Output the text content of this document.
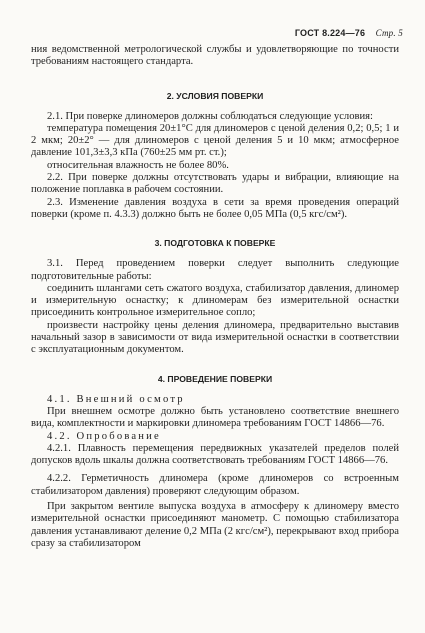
ГОСТ 8.224—76 Стр. 5

ния ведомственной метрологической службы и удовлетворяющие по точности требованиям настоящего стандарта.

2. УСЛОВИЯ ПОВЕРКИ

2.1. При поверке длиномеров должны соблюдаться следующие условия:

температура помещения 20±1°С для длиномеров с ценой деления 0,2; 0,5; 1 и 2 мкм; 20±2° — для длиномеров с ценой деления 5 и 10 мкм; атмосферное давление 101,3±3,3 кПа (760±25 мм рт. ст.);

относительная влажность не более 80%.

2.2. При поверке должны отсутствовать удары и вибрации, влияющие на положение поплавка в рабочем состоянии.

2.3. Изменение давления воздуха в сети за время проведения операций поверки (кроме п. 4.3.3) должно быть не более 0,05 МПа (0,5 кгс/см²).

3. ПОДГОТОВКА К ПОВЕРКЕ

3.1. Перед проведением поверки следует выполнить следующие подготовительные работы:

соединить шлангами сеть сжатого воздуха, стабилизатор давления, длиномер и измерительную оснастку; к длиномерам без измерительной оснастки присоединить контрольное измерительное сопло;

произвести настройку цены деления длиномера, предварительно выставив начальный зазор в зависимости от вида измерительной оснастки в соответствии с эксплуатационным документом.

4. ПРОВЕДЕНИЕ ПОВЕРКИ

4.1. Внешний осмотр

При внешнем осмотре должно быть установлено соответствие внешнего вида, комплектности и маркировки длиномера требованиям ГОСТ 14866—76.

4.2. Опробование

4.2.1. Плавность перемещения передвижных указателей пределов полей допусков вдоль шкалы должна соответствовать требованиям ГОСТ 14866—76.

4.2.2. Герметичность длиномера (кроме длиномеров со встроенным стабилизатором давления) проверяют следующим образом.

При закрытом вентиле выпуска воздуха в атмосферу к длиномеру вместо измерительной оснастки присоединяют манометр. С помощью стабилизатора давления устанавливают деление 0,2 МПа (2 кгс/см²), перекрывают вход прибора сразу за стабилизатором
